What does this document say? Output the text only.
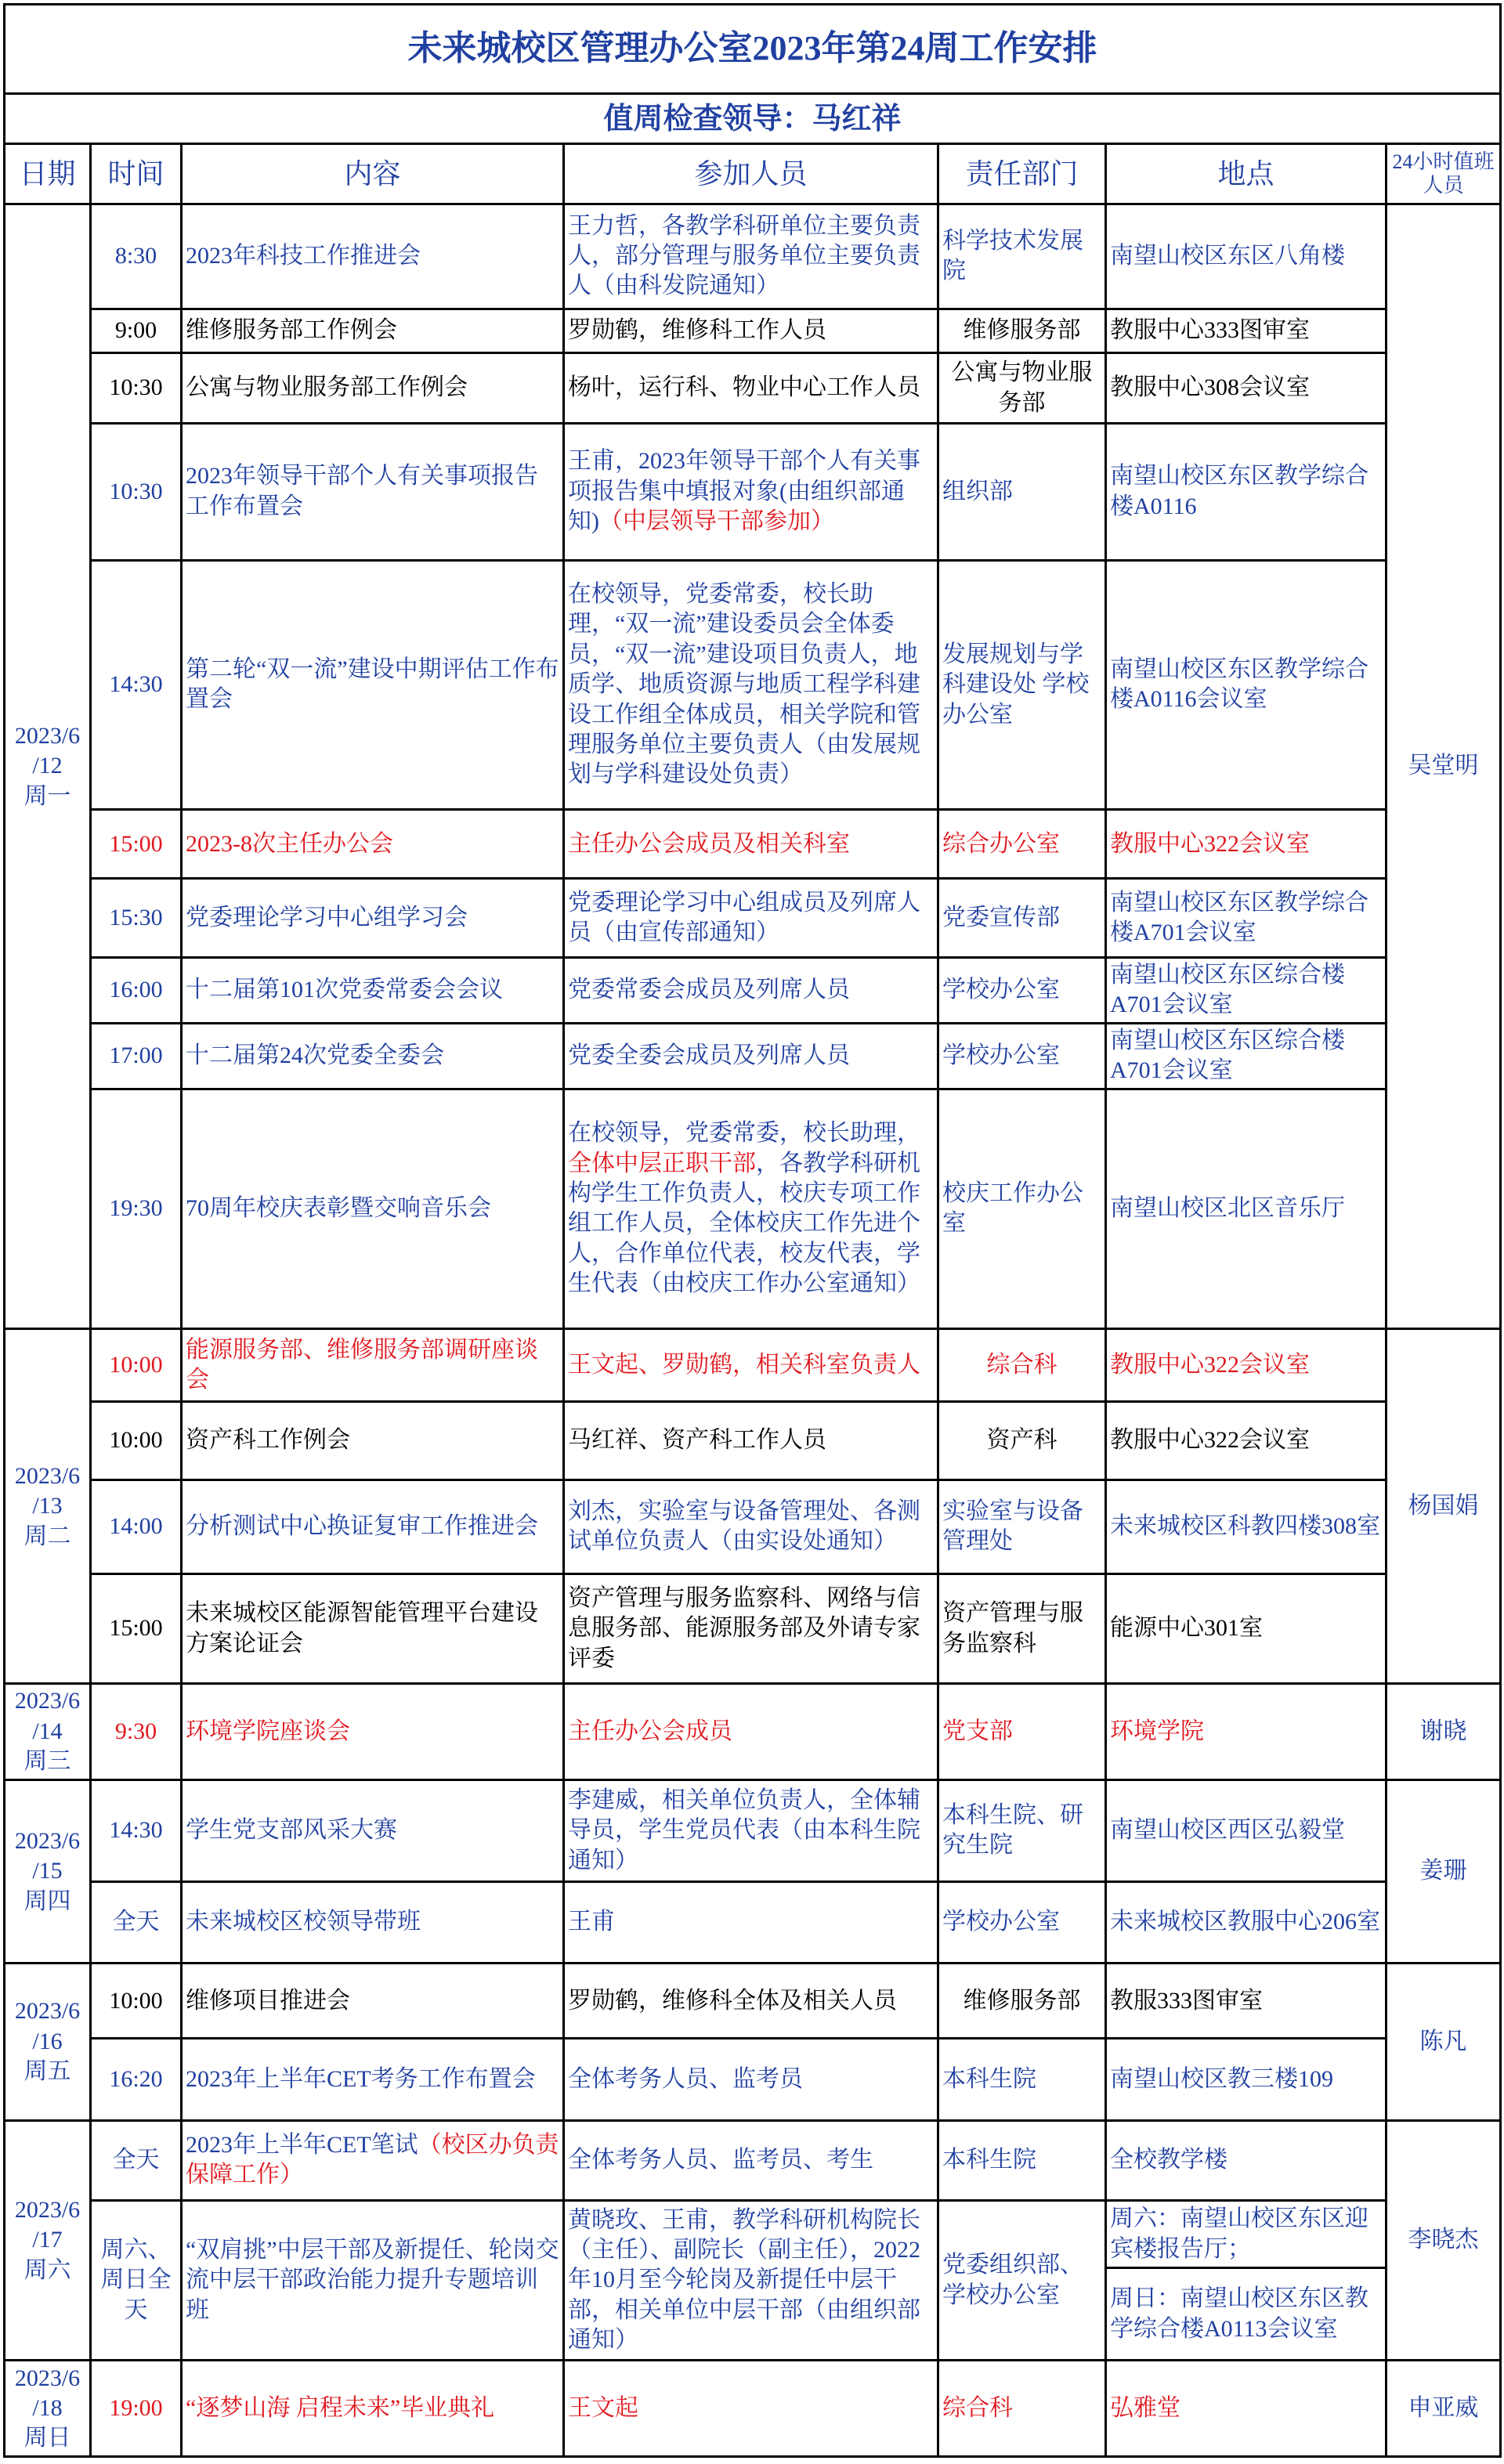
未来城校区管理办公室2023年第24周工作安排						
值周检查领导：马红祥						
日期	时间	内容	参加人员	责任部门	地点	24小时值班人员

2023/6
/12
周一	8:30	2023年科技工作推进会	王力哲，各教学科研单位主要负责人，部分管理与服务单位主要负责人（由科发院通知）	科学技术发展院	南望山校区东区八角楼	吴堂明
	9:00	维修服务部工作例会	罗勋鹤，维修科工作人员	维修服务部	教服中心333图审室	
	10:30	公寓与物业服务部工作例会	杨叶，运行科、物业中心工作人员	公寓与物业服务部	教服中心308会议室	
	10:30	2023年领导干部个人有关事项报告工作布置会	王甫，2023年领导干部个人有关事项报告集中填报对象(由组织部通知)（中层领导干部参加）	组织部	南望山校区东区教学综合楼A0116	
	14:30	第二轮“双一流”建设中期评估工作布置会	在校领导，党委常委，校长助理，“双一流”建设委员会全体委员，“双一流”建设项目负责人，地质学、地质资源与地质工程学科建设工作组全体成员，相关学院和管理服务单位主要负责人（由发展规划与学科建设处负责）	发展规划与学科建设处 学校办公室	南望山校区东区教学综合楼A0116会议室	
	15:00	2023-8次主任办公会	主任办公会成员及相关科室	综合办公室	教服中心322会议室	
	15:30	党委理论学习中心组学习会	党委理论学习中心组成员及列席人员（由宣传部通知）	党委宣传部	南望山校区东区教学综合楼A701会议室	
	16:00	十二届第101次党委常委会会议	党委常委会成员及列席人员	学校办公室	南望山校区东区综合楼A701会议室	
	17:00	十二届第24次党委全委会	党委全委会成员及列席人员	学校办公室	南望山校区东区综合楼A701会议室	
	19:30	70周年校庆表彰暨交响音乐会	在校领导，党委常委，校长助理，全体中层正职干部，各教学科研机构学生工作负责人，校庆专项工作组工作人员，全体校庆工作先进个人，合作单位代表，校友代表，学生代表（由校庆工作办公室通知）	校庆工作办公室	南望山校区北区音乐厅	

2023/6
/13
周二	10:00	能源服务部、维修服务部调研座谈会	王文起、罗勋鹤，相关科室负责人	综合科	教服中心322会议室	杨国娟
	10:00	资产科工作例会	马红祥、资产科工作人员	资产科	教服中心322会议室	
	14:00	分析测试中心换证复审工作推进会	刘杰，实验室与设备管理处、各测试单位负责人（由实设处通知）	实验室与设备管理处	未来城校区科教四楼308室	
	15:00	未来城校区能源智能管理平台建设方案论证会	资产管理与服务监察科、网络与信息服务部、能源服务部及外请专家评委	资产管理与服务监察科	能源中心301室	

2023/6
/14
周三	9:30	环境学院座谈会	主任办公会成员	党支部	环境学院	谢晓

2023/6
/15
周四	14:30	学生党支部风采大赛	李建威，相关单位负责人，全体辅导员，学生党员代表（由本科生院通知）	本科生院、研究生院	南望山校区西区弘毅堂	姜珊
	全天	未来城校区校领导带班	王甫	学校办公室	未来城校区教服中心206室	

2023/6
/16
周五	10:00	维修项目推进会	罗勋鹤，维修科全体及相关人员	维修服务部	教服333图审室	陈凡
	16:20	2023年上半年CET考务工作布置会	全体考务人员、监考员	本科生院	南望山校区教三楼109	

2023/6
/17
周六	全天	2023年上半年CET笔试（校区办负责保障工作）	全体考务人员、监考员、考生	本科生院	全校教学楼	李晓杰
	周六、周日全天	“双肩挑”中层干部及新提任、轮岗交流中层干部政治能力提升专题培训班	黄晓玫、王甫，教学科研机构院长（主任）、副院长（副主任），2022年10月至今轮岗及新提任中层干部，相关单位中层干部（由组织部通知）	党委组织部、学校办公室	周六：南望山校区东区迎宾楼报告厅；	
					周日：南望山校区东区教学综合楼A0113会议室	

2023/6
/18
周日	19:00	“逐梦山海 启程未来”毕业典礼	王文起	综合科	弘雅堂	申亚威
